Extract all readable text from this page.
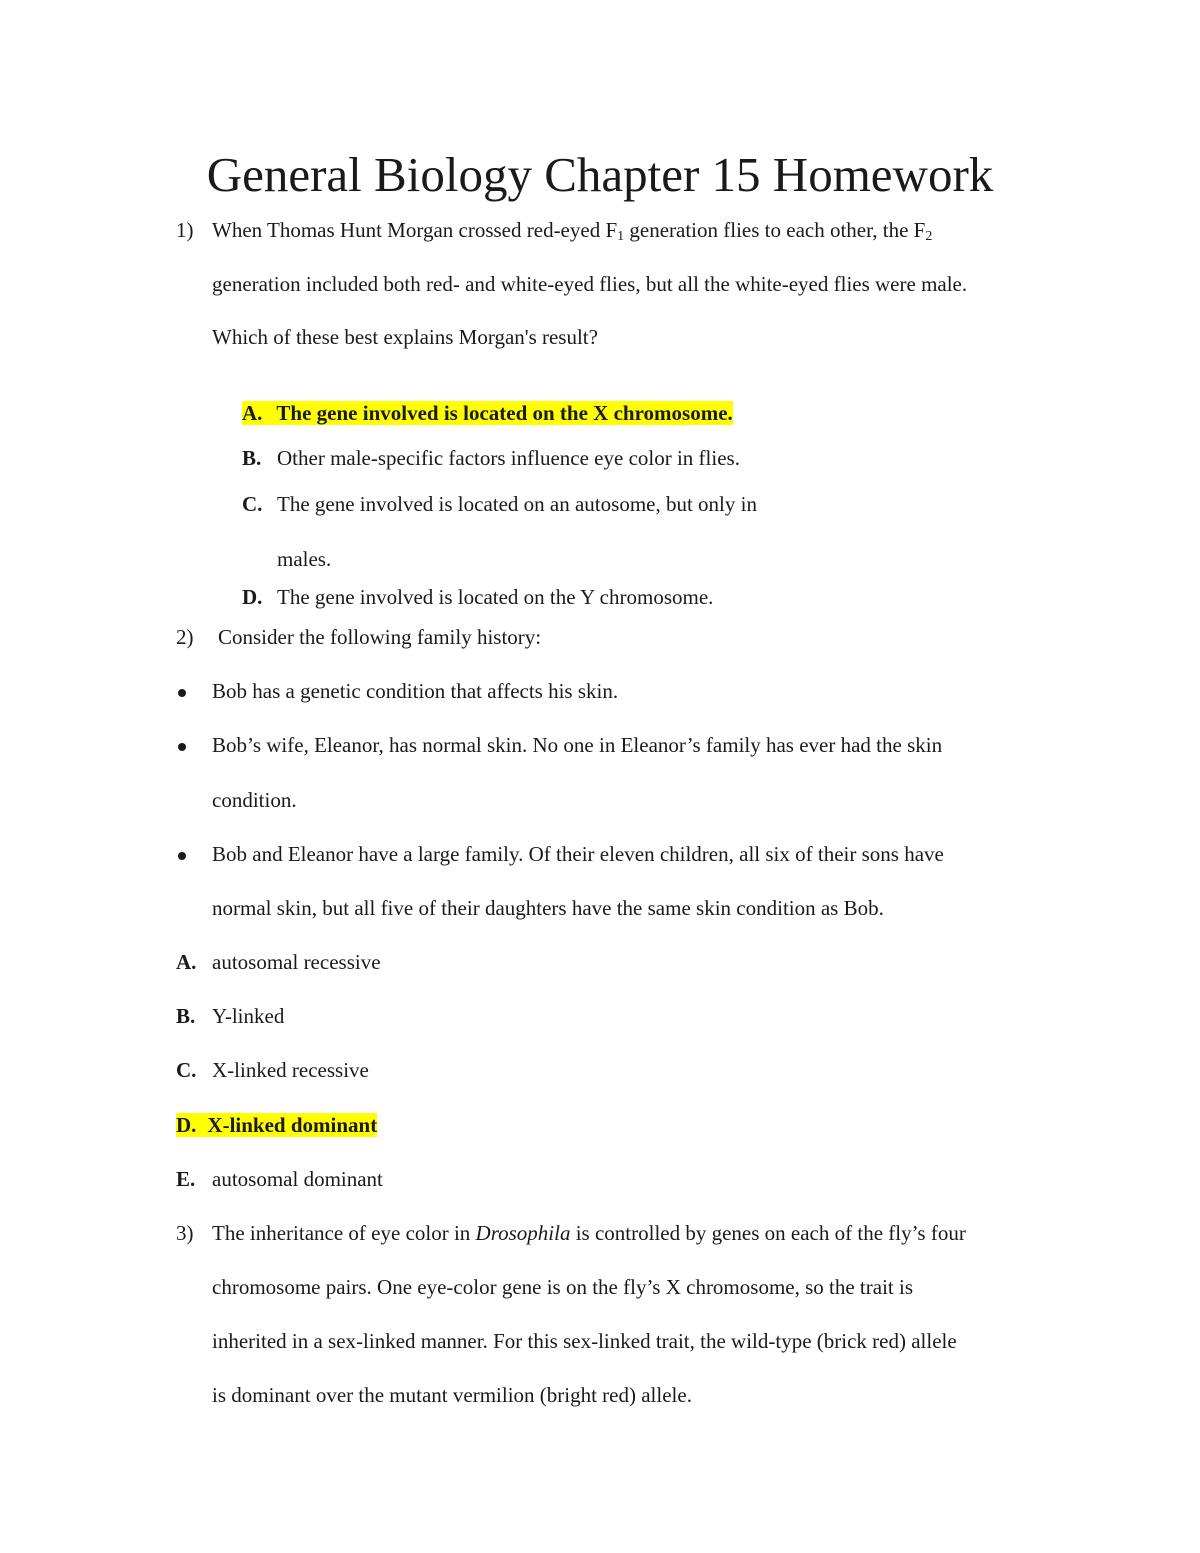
General Biology Chapter 15 Homework
1) When Thomas Hunt Morgan crossed red-eyed $F_1$ generation flies to each other, the $F_2$
generation included both red- and white-eyed flies, but all the white-eyed flies were male.
Which of these best explains Morgan's result?
A. The gene involved is located on the X chromosome.
B. Other male-specific factors influence eye color in flies.
C. The gene involved is located on an autosome, but only in
males.
D. The gene involved is located on the Y chromosome.
2) Consider the following family history:
Bob has a genetic condition that affects his skin.
Bob’s wife, Eleanor, has normal skin. No one in Eleanor’s family has ever had the skin
condition.
Bob and Eleanor have a large family. Of their eleven children, all six of their sons have
normal skin, but all five of their daughters have the same skin condition as Bob.
A. autosomal recessive
B. Y-linked
C. X-linked recessive
D. X-linked dominant
E. autosomal dominant
3) The inheritance of eye color in Drosophila is controlled by genes on each of the fly’s four
chromosome pairs. One eye-color gene is on the fly’s X chromosome, so the trait is
inherited in a sex-linked manner. For this sex-linked trait, the wild-type (brick red) allele
is dominant over the mutant vermilion (bright red) allele.
